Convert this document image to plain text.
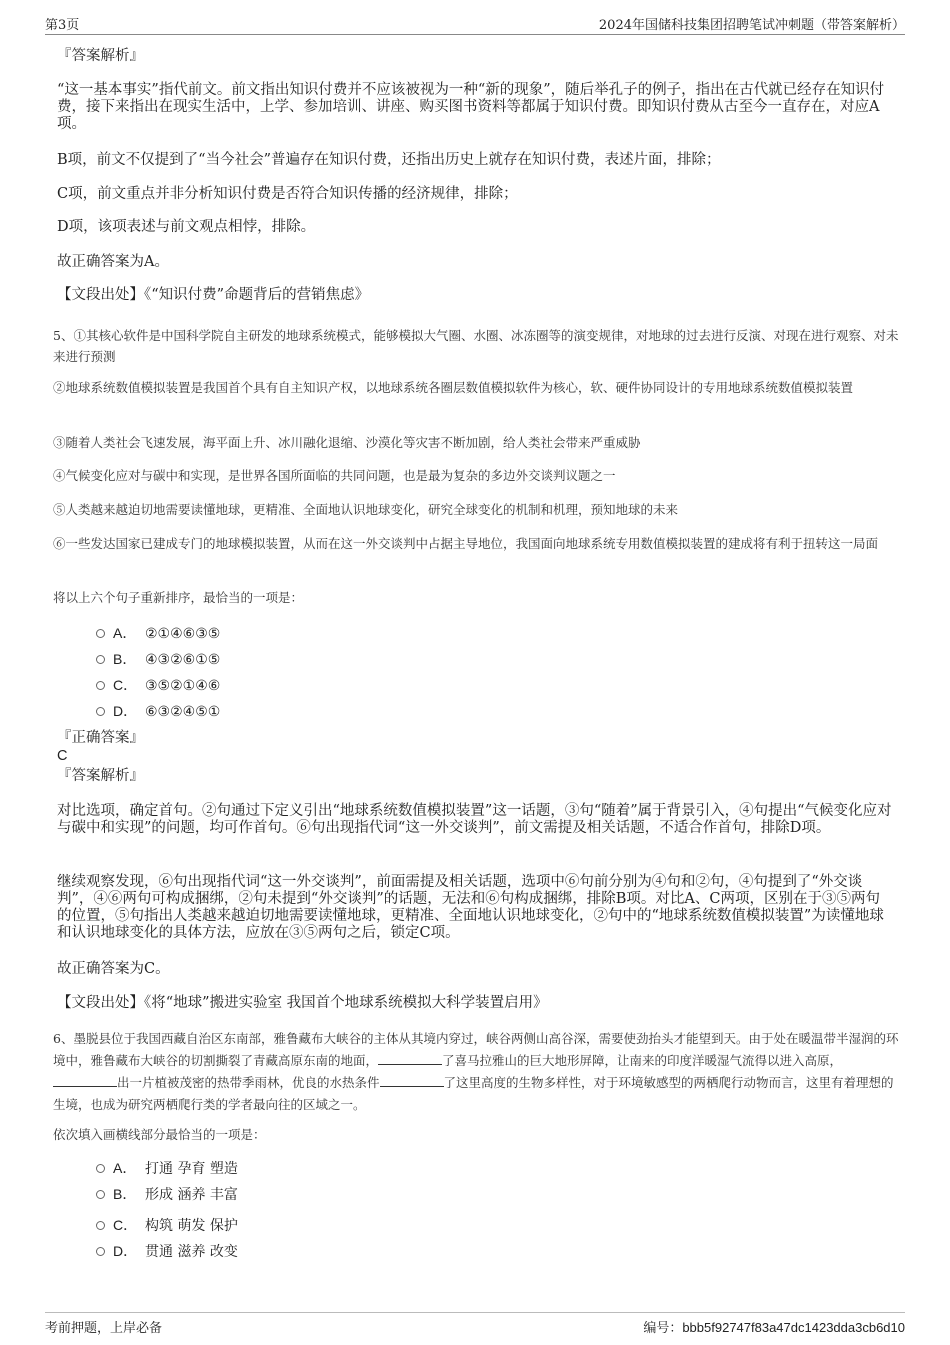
第3页	2024年国储科技集团招聘笔试冲刺题（带答案解析）
『答案解析』
“这一基本事实”指代前文。前文指出知识付费并不应该被视为一种“新的现象”，随后举孔子的例子，指出在古代就已经存在知识付费，接下来指出在现实生活中，上学、参加培训、讲座、购买图书资料等都属于知识付费。即知识付费从古至今一直存在，对应A项。
B项，前文不仅提到了“当今社会”普遍存在知识付费，还指出历史上就存在知识付费，表述片面，排除；
C项，前文重点并非分析知识付费是否符合知识传播的经济规律，排除；
D项，该项表述与前文观点相悖，排除。
故正确答案为A。
【文段出处】《“知识付费”命题背后的营销焦虑》
5、①其核心软件是中国科学院自主研发的地球系统模式，能够模拟大气圈、水圈、冰冻圈等的演变规律，对地球的过去进行反演、对现在进行观察、对未来进行预测
②地球系统数值模拟装置是我国首个具有自主知识产权，以地球系统各圈层数值模拟软件为核心，软、硬件协同设计的专用地球系统数值模拟装置
③随着人类社会飞速发展，海平面上升、冰川融化退缩、沙漠化等灾害不断加剧，给人类社会带来严重威胁
④气候变化应对与碳中和实现，是世界各国所面临的共同问题，也是最为复杂的多边外交谈判议题之一
⑤人类越来越迫切地需要读懂地球，更精准、全面地认识地球变化，研究全球变化的机制和机理，预知地球的未来
⑥一些发达国家已建成专门的地球模拟装置，从而在这一外交谈判中占据主导地位，我国面向地球系统专用数值模拟装置的建成将有利于扭转这一局面
将以上六个句子重新排序，最恰当的一项是：
A． ②①④⑥③⑤
B． ④③②⑥①⑤
C． ③⑤②①④⑥
D． ⑥③②④⑤①
『正确答案』
C
『答案解析』
对比选项，确定首句。②句通过下定义引出“地球系统数值模拟装置”这一话题，③句“随着”属于背景引入，④句提出“气候变化应对与碳中和实现”的问题，均可作首句。⑥句出现指代词“这一外交谈判”，前文需提及相关话题，不适合作首句，排除D项。
继续观察发现，⑥句出现指代词“这一外交谈判”，前面需提及相关话题，选项中⑥句前分别为④句和②句，④句提到了“外交谈判”，④⑥两句可构成捆绑，②句未提到“外交谈判”的话题，无法和⑥句构成捆绑，排除B项。对比A、C两项，区别在于③⑤两句的位置，⑤句指出人类越来越迫切地需要读懂地球，更精准、全面地认识地球变化，②句中的“地球系统数值模拟装置”为读懂地球和认识地球变化的具体方法，应放在③⑤两句之后，锁定C项。
故正确答案为C。
【文段出处】《将“地球”搬进实验室 我国首个地球系统模拟大科学装置启用》
6、墨脱县位于我国西藏自治区东南部，雅鲁藏布大峡谷的主体从其境内穿过，峡谷两侧山高谷深，需要使劲抬头才能望到天。由于处在暖温带半湿润的环境中，雅鲁藏布大峡谷的切割撕裂了青藏高原东南的地面，	了喜马拉雅山的巨大地形屏障，让南来的印度洋暖湿气流得以进入高原，出一片植被茂密的热带季雨林，优良的水热条件	了这里高度的生物多样性，对于环境敏感型的两栖爬行动物而言，这里有着理想的生境，也成为研究两栖爬行类的学者最向往的区域之一。
依次填入画横线部分最恰当的一项是：
A． 打通 孕育 塑造
B． 形成 涵养 丰富
C． 构筑 萌发 保护
D． 贯通 滋养 改变
考前押题，上岸必备	编号：bbb5f92747f83a47dc1423dda3cb6d10
